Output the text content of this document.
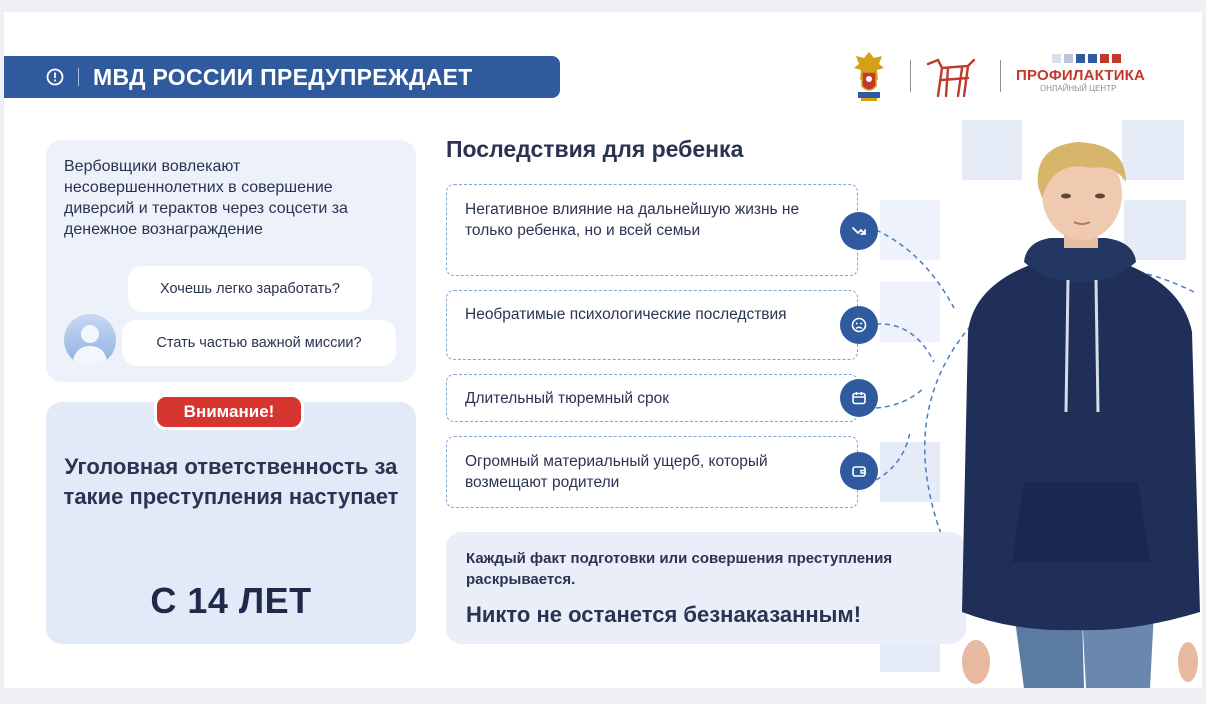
МВД РОССИИ ПРЕДУПРЕЖДАЕТ	ПРОФИЛАКТИКА
ОНЛАЙНЫЙ ЦЕНТР
Вербовщики вовлекают несовершеннолетних в совершение диверсий и терактов через соцсети за денежное вознаграждение
Хочешь легко заработать?
Стать частью важной миссии?
Внимание!
Уголовная ответственность за такие преступления наступает
С 14 ЛЕТ
Последствия для ребенка
Негативное влияние на дальнейшую жизнь не только ребенка, но и всей семьи
Необратимые психологические последствия
Длительный тюремный срок
Огромный материальный ущерб, который возмещают родители
Каждый факт подготовки или совершения преступления раскрывается.
Никто не останется безнаказанным!
